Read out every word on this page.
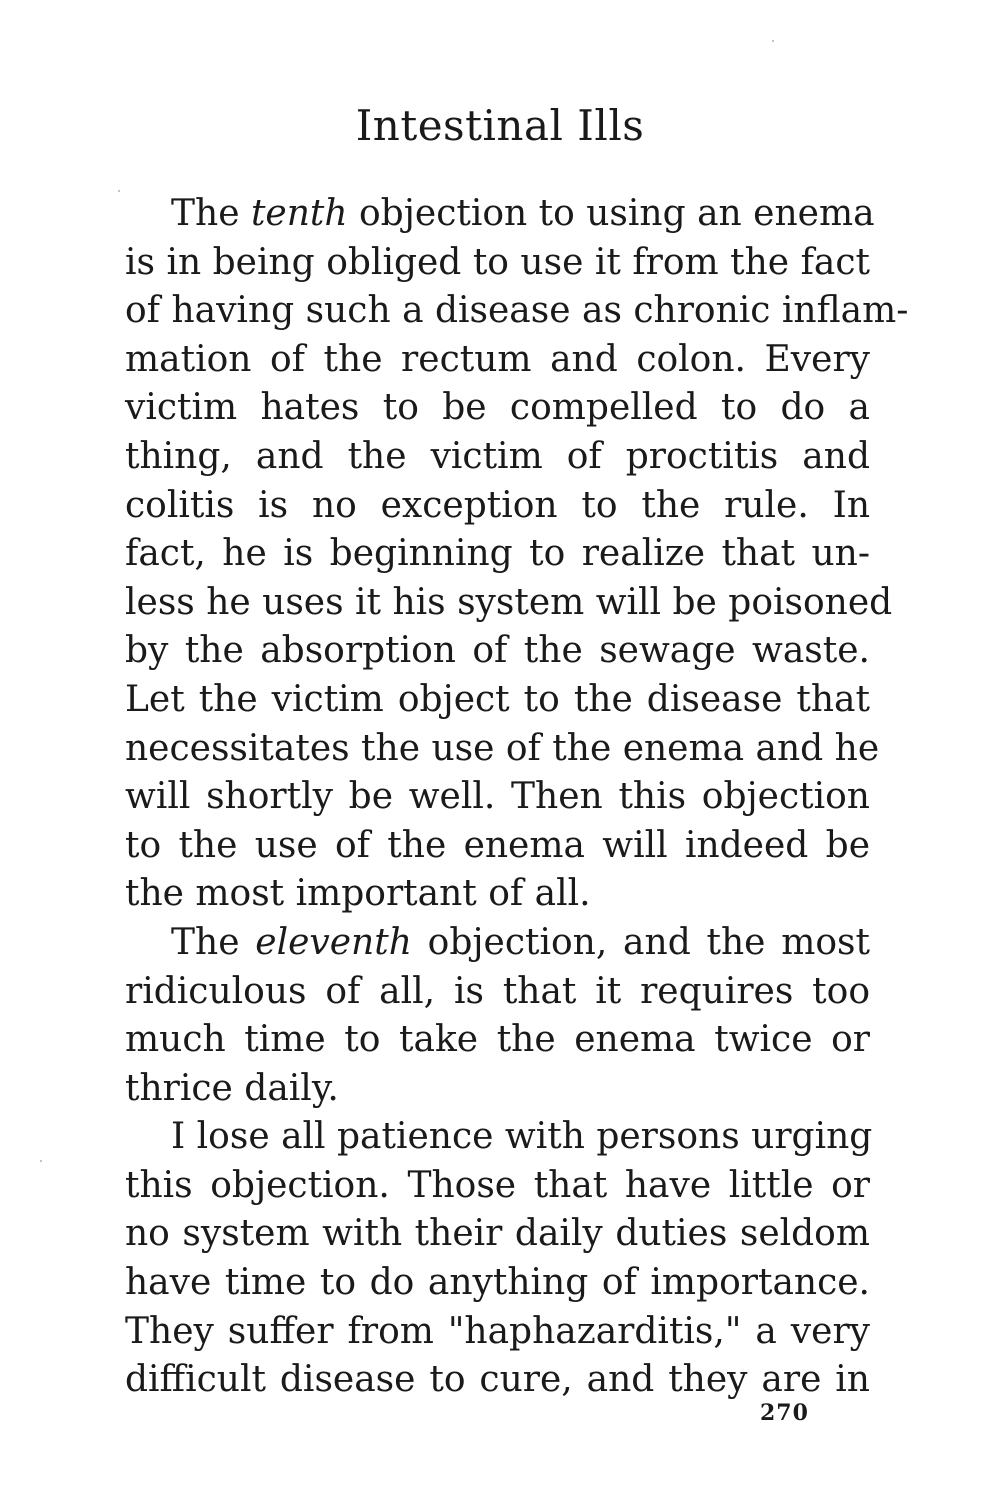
Intestinal Ills
The tenth objection to using an enema
is in being obliged to use it from the fact
of having such a disease as chronic inflam-
mation of the rectum and colon. Every
victim hates to be compelled to do a
thing, and the victim of proctitis and
colitis is no exception to the rule. In
fact, he is beginning to realize that un-
less he uses it his system will be poisoned
by the absorption of the sewage waste.
Let the victim object to the disease that
necessitates the use of the enema and he
will shortly be well. Then this objection
to the use of the enema will indeed be
the most important of all.
The eleventh objection, and the most
ridiculous of all, is that it requires too
much time to take the enema twice or
thrice daily.
I lose all patience with persons urging
this objection. Those that have little or
no system with their daily duties seldom
have time to do anything of importance.
They suffer from "haphazarditis," a very
difficult disease to cure, and they are in
270
